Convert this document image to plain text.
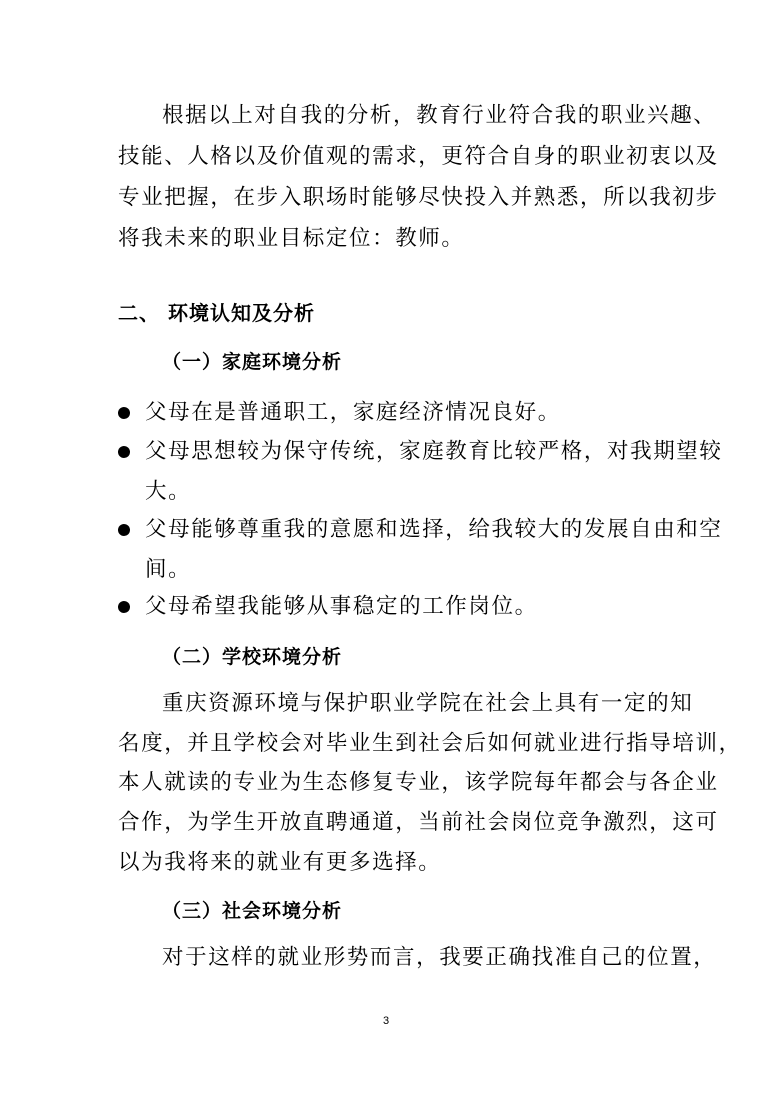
根据以上对自我的分析，教育行业符合我的职业兴趣、
技能、人格以及价值观的需求，更符合自身的职业初衷以及
专业把握，在步入职场时能够尽快投入并熟悉，所以我初步
将我未来的职业目标定位：教师。
二、 环境认知及分析
（一）家庭环境分析
父母在是普通职工，家庭经济情况良好。
父母思想较为保守传统，家庭教育比较严格，对我期望较
大。
父母能够尊重我的意愿和选择，给我较大的发展自由和空
间。
父母希望我能够从事稳定的工作岗位。
（二）学校环境分析
重庆资源环境与保护职业学院在社会上具有一定的知
名度，并且学校会对毕业生到社会后如何就业进行指导培训，
本人就读的专业为生态修复专业，该学院每年都会与各企业
合作，为学生开放直聘通道，当前社会岗位竞争激烈，这可
以为我将来的就业有更多选择。
（三）社会环境分析
对于这样的就业形势而言，我要正确找准自己的位置，
3
